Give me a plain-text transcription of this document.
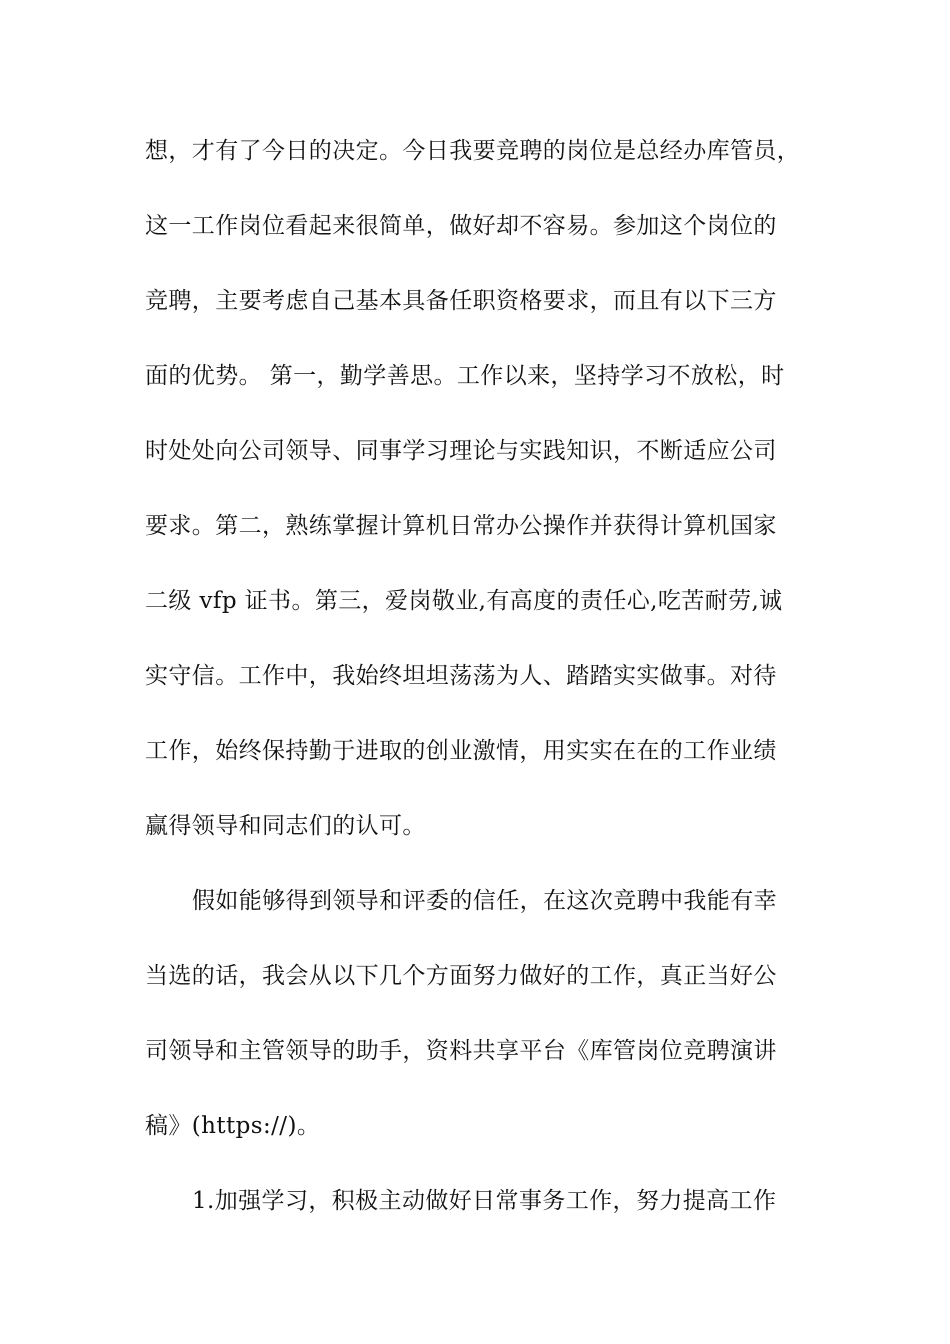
想，才有了今日的决定。今日我要竞聘的岗位是总经办库管员，
这一工作岗位看起来很简单，做好却不容易。参加这个岗位的
竞聘，主要考虑自己基本具备任职资格要求，而且有以下三方
面的优势。 第一，勤学善思。工作以来，坚持学习不放松，时
时处处向公司领导、同事学习理论与实践知识，不断适应公司
要求。第二，熟练掌握计算机日常办公操作并获得计算机国家
二级 vfp 证书。第三，爱岗敬业,有高度的责任心,吃苦耐劳,诚
实守信。工作中，我始终坦坦荡荡为人、踏踏实实做事。对待
工作，始终保持勤于进取的创业激情，用实实在在的工作业绩
赢得领导和同志们的认可。
假如能够得到领导和评委的信任，在这次竞聘中我能有幸
当选的话，我会从以下几个方面努力做好的工作，真正当好公
司领导和主管领导的助手，资料共享平台《库管岗位竞聘演讲
稿》(https://)。
1.加强学习，积极主动做好日常事务工作，努力提高工作
